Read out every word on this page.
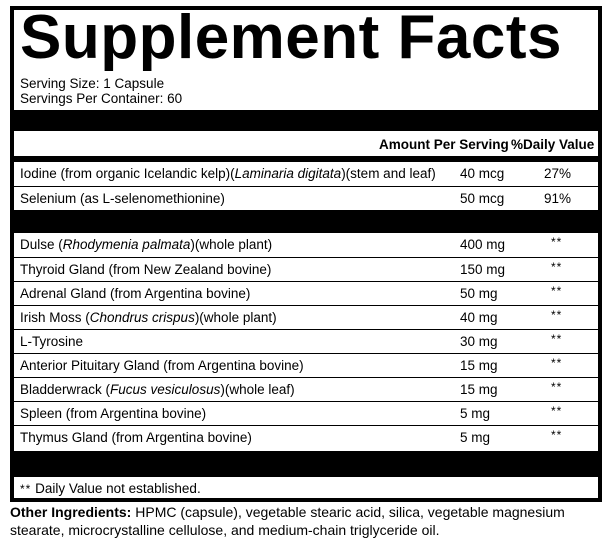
Supplement Facts
Serving Size: 1 Capsule
Servings Per Container: 60
Amount Per Serving %Daily Value
Iodine (from organic Icelandic kelp)(Laminaria digitata)(stem and leaf) 40 mcg	27%
Selenium (as L-selenomethionine)	50 mcg	91%
Dulse (Rhodymenia palmata)(whole plant)	400 mg	**
Thyroid Gland (from New Zealand bovine)	150 mg	**
Adrenal Gland (from Argentina bovine)	50 mg	**
Irish Moss (Chondrus crispus)(whole plant)	40 mg	**
L-Tyrosine	30 mg	**
Anterior Pituitary Gland (from Argentina bovine)	15 mg	**
Bladderwrack (Fucus vesiculosus)(whole leaf)	15 mg	**
Spleen (from Argentina bovine)	5 mg	**
Thymus Gland (from Argentina bovine)	5 mg	**
** Daily Value not established.
Other Ingredients: HPMC (capsule), vegetable stearic acid, silica, vegetable magnesium stearate, microcrystalline cellulose, and medium-chain triglyceride oil.
